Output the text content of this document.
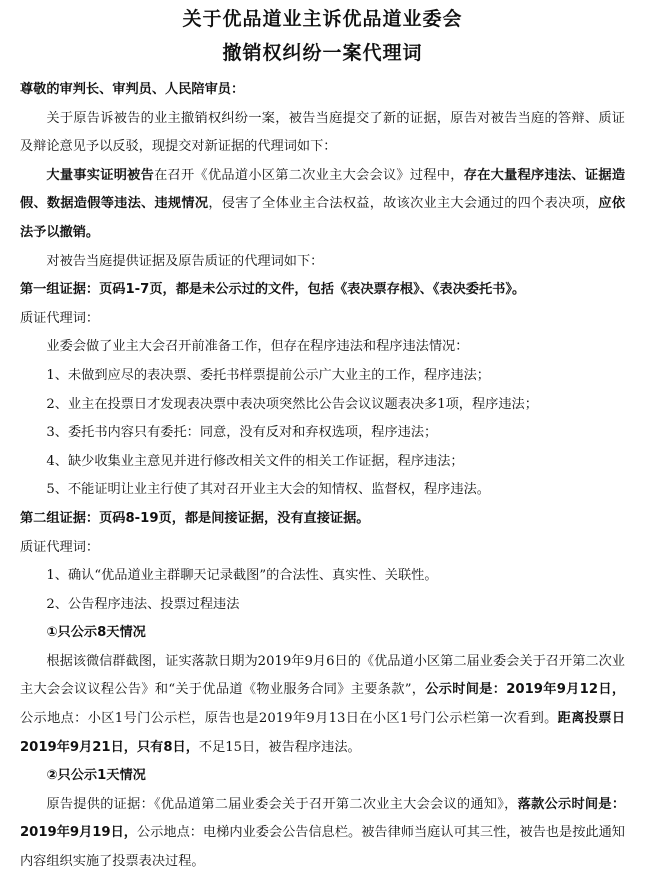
关于优品道业主诉优品道业委会
撤销权纠纷一案代理词

尊敬的审判长、审判员、人民陪审员：

关于原告诉被告的业主撤销权纠纷一案，被告当庭提交了新的证据，原告对被告当庭的答辩、质证及辩论意见予以反驳，现提交对新证据的代理词如下：

大量事实证明被告在召开《优品道小区第二次业主大会会议》过程中，存在大量程序违法、证据造假、数据造假等违法、违规情况，侵害了全体业主合法权益，故该次业主大会通过的四个表决项，应依法予以撤销。

对被告当庭提供证据及原告质证的代理词如下：

第一组证据：页码1-7页，都是未公示过的文件，包括《表决票存根》、《表决委托书》。

质证代理词：

业委会做了业主大会召开前准备工作，但存在程序违法和程序违法情况：

1、未做到应尽的表决票、委托书样票提前公示广大业主的工作，程序违法；

2、业主在投票日才发现表决票中表决项突然比公告会议议题表决多1项，程序违法；

3、委托书内容只有委托：同意，没有反对和弃权选项，程序违法；

4、缺少收集业主意见并进行修改相关文件的相关工作证据，程序违法；

5、不能证明让业主行使了其对召开业主大会的知情权、监督权，程序违法。

第二组证据：页码8-19页，都是间接证据，没有直接证据。

质证代理词：

1、确认“优品道业主群聊天记录截图”的合法性、真实性、关联性。

2、公告程序违法、投票过程违法

①只公示8天情况

根据该微信群截图，证实落款日期为2019年9月6日的《优品道小区第二届业委会关于召开第二次业主大会会议议程公告》和“关于优品道《物业服务合同》主要条款”，公示时间是：2019年9月12日，公示地点：小区1号门公示栏，原告也是2019年9月13日在小区1号门公示栏第一次看到。距离投票日2019年9月21日，只有8日，不足15日，被告程序违法。

②只公示1天情况

原告提供的证据：《优品道第二届业委会关于召开第二次业主大会会议的通知》，落款公示时间是：2019年9月19日，公示地点：电梯内业委会公告信息栏。被告律师当庭认可其三性，被告也是按此通知内容组织实施了投票表决过程。
